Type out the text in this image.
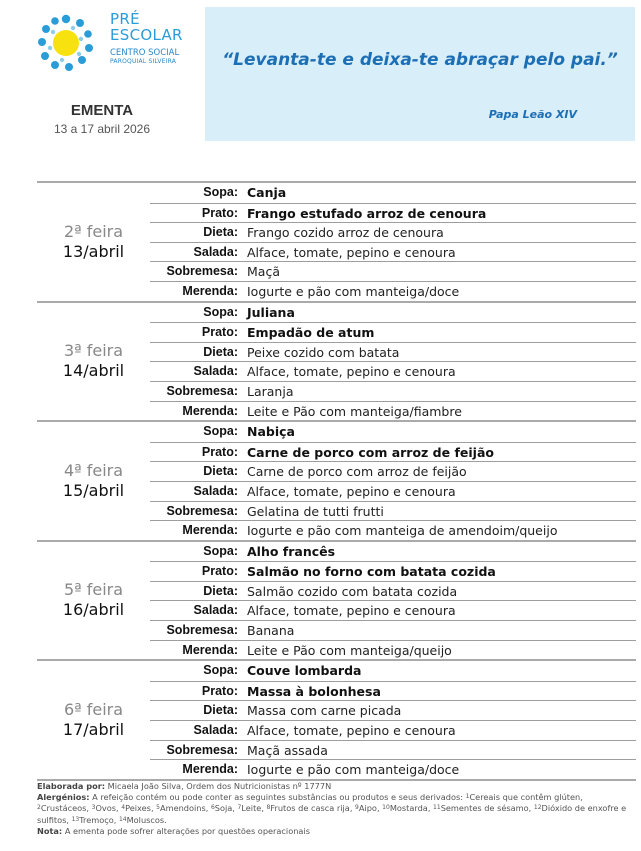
PRÉ
ESCOLAR
CENTRO SOCIAL
PAROQUIAL SILVEIRA
EMENTA
13 a 17 abril 2026
“Levanta-te e deixa-te abraçar pelo pai.”
Papa Leão XIV
2ª feira
13/abril
Sopa: Canja
Prato: Frango estufado arroz de cenoura
Dieta: Frango cozido arroz de cenoura
Salada: Alface, tomate, pepino e cenoura
Sobremesa: Maçã
Merenda: Iogurte e pão com manteiga/doce
3ª feira
14/abril
Sopa: Juliana
Prato: Empadão de atum
Dieta: Peixe cozido com batata
Salada: Alface, tomate, pepino e cenoura
Sobremesa: Laranja
Merenda: Leite e Pão com manteiga/fiambre
4ª feira
15/abril
Sopa: Nabiça
Prato: Carne de porco com arroz de feijão
Dieta: Carne de porco com arroz de feijão
Salada: Alface, tomate, pepino e cenoura
Sobremesa: Gelatina de tutti frutti
Merenda: Iogurte e pão com manteiga de amendoim/queijo
5ª feira
16/abril
Sopa: Alho francês
Prato: Salmão no forno com batata cozida
Dieta: Salmão cozido com batata cozida
Salada: Alface, tomate, pepino e cenoura
Sobremesa: Banana
Merenda: Leite e Pão com manteiga/queijo
6ª feira
17/abril
Sopa: Couve lombarda
Prato: Massa à bolonhesa
Dieta: Massa com carne picada
Salada: Alface, tomate, pepino e cenoura
Sobremesa: Maçã assada
Merenda: Iogurte e pão com manteiga/doce
Elaborada por: Micaela João Silva, Ordem dos Nutricionistas nº 1777N
Alergénios: A refeição contém ou pode conter as seguintes substâncias ou produtos e seus derivados: $^1$Cereais que contêm glúten, $^2$Crustáceos, $^3$Ovos, $^4$Peixes, $^5$Amendoins, $^6$Soja, $^7$Leite, $^8$Frutos de casca rija, $^9$Aipo, $^{10}$Mostarda, $^{11}$Sementes de sésamo, $^{12}$Dióxido de enxofre e sulfitos, $^{13}$Tremoço, $^{14}$Moluscos.
Nota: A ementa pode sofrer alterações por questões operacionais
